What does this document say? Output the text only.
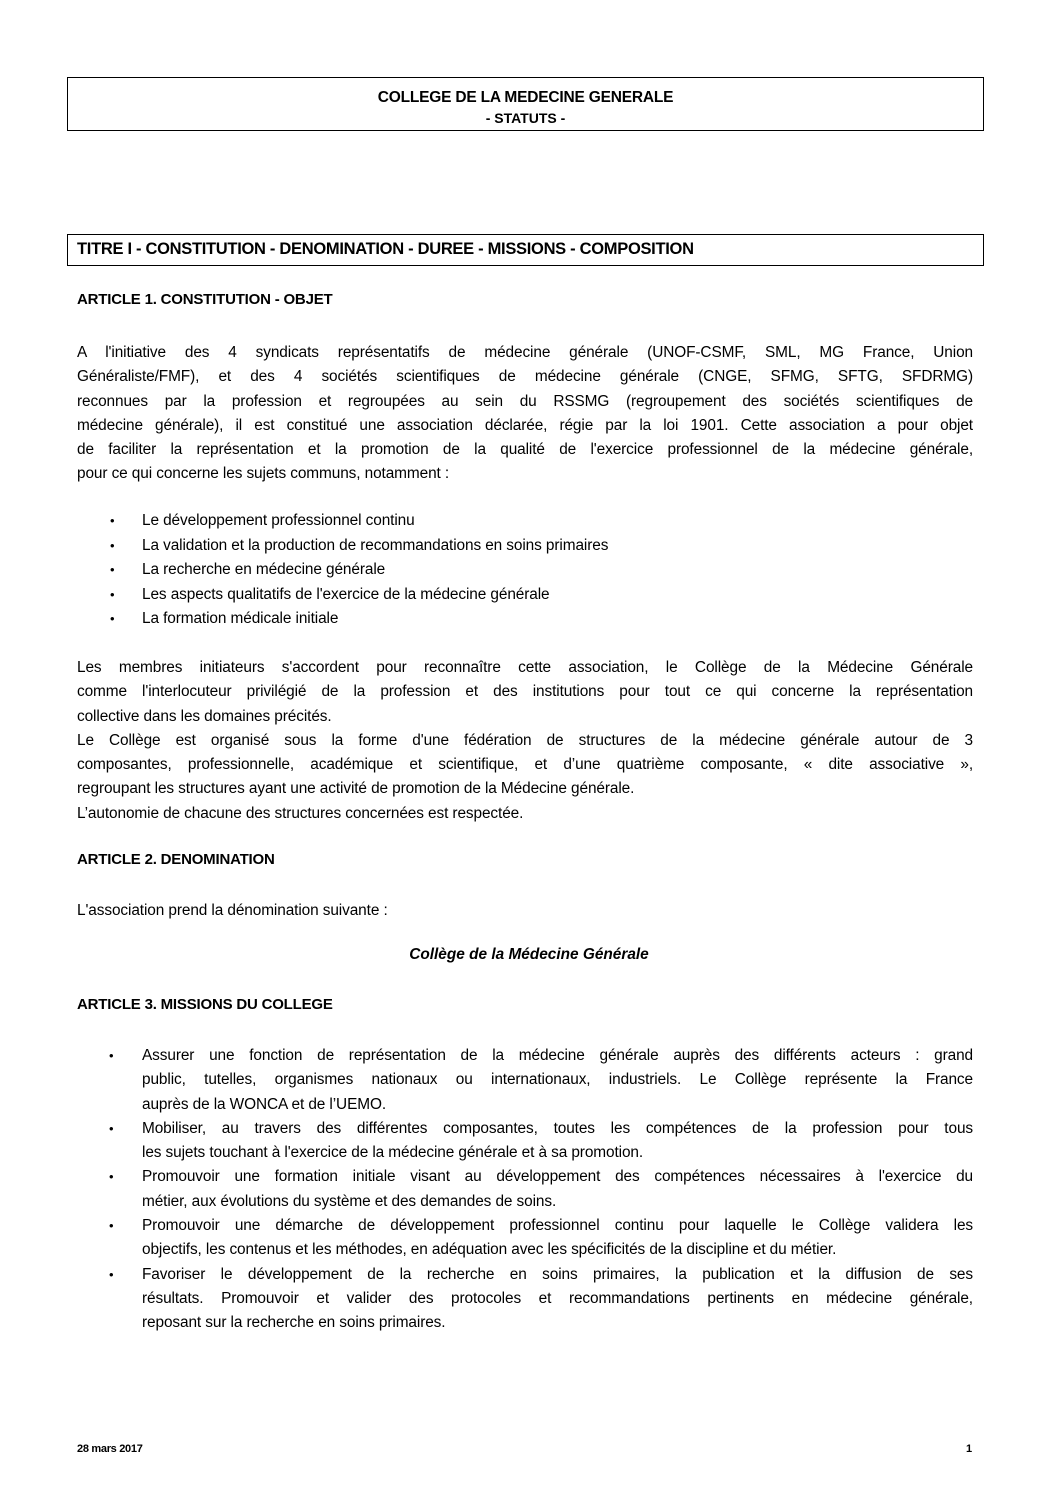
COLLEGE DE LA MEDECINE GENERALE
- STATUTS -
TITRE I - CONSTITUTION - DENOMINATION - DUREE - MISSIONS - COMPOSITION
ARTICLE 1. CONSTITUTION - OBJET
A l'initiative des 4 syndicats représentatifs de médecine générale (UNOF-CSMF, SML, MG France, Union
Généraliste/FMF), et des 4 sociétés scientifiques de médecine générale (CNGE, SFMG, SFTG, SFDRMG)
reconnues par la profession et regroupées au sein du RSSMG (regroupement des sociétés scientifiques de
médecine générale), il est constitué une association déclarée, régie par la loi 1901. Cette association a pour objet
de faciliter la représentation et la promotion de la qualité de l'exercice professionnel de la médecine générale,
pour ce qui concerne les sujets communs, notamment :
• Le développement professionnel continu
• La validation et la production de recommandations en soins primaires
• La recherche en médecine générale
• Les aspects qualitatifs de l'exercice de la médecine générale
• La formation médicale initiale
Les membres initiateurs s'accordent pour reconnaître cette association, le Collège de la Médecine Générale
comme l'interlocuteur privilégié de la profession et des institutions pour tout ce qui concerne la représentation
collective dans les domaines précités.
Le Collège est organisé sous la forme d'une fédération de structures de la médecine générale autour de 3
composantes, professionnelle, académique et scientifique, et d’une quatrième composante, « dite associative »,
regroupant les structures ayant une activité de promotion de la Médecine générale.
L’autonomie de chacune des structures concernées est respectée.
ARTICLE 2. DENOMINATION
L'association prend la dénomination suivante :
Collège de la Médecine Générale
ARTICLE 3. MISSIONS DU COLLEGE
• Assurer une fonction de représentation de la médecine générale auprès des différents acteurs : grand
public, tutelles, organismes nationaux ou internationaux, industriels. Le Collège représente la France
auprès de la WONCA et de l’UEMO.
• Mobiliser, au travers des différentes composantes, toutes les compétences de la profession pour tous
les sujets touchant à l'exercice de la médecine générale et à sa promotion.
• Promouvoir une formation initiale visant au développement des compétences nécessaires à l'exercice du
métier, aux évolutions du système et des demandes de soins.
• Promouvoir une démarche de développement professionnel continu pour laquelle le Collège validera les
objectifs, les contenus et les méthodes, en adéquation avec les spécificités de la discipline et du métier.
• Favoriser le développement de la recherche en soins primaires, la publication et la diffusion de ses
résultats. Promouvoir et valider des protocoles et recommandations pertinents en médecine générale,
reposant sur la recherche en soins primaires.
28 mars 2017	1
